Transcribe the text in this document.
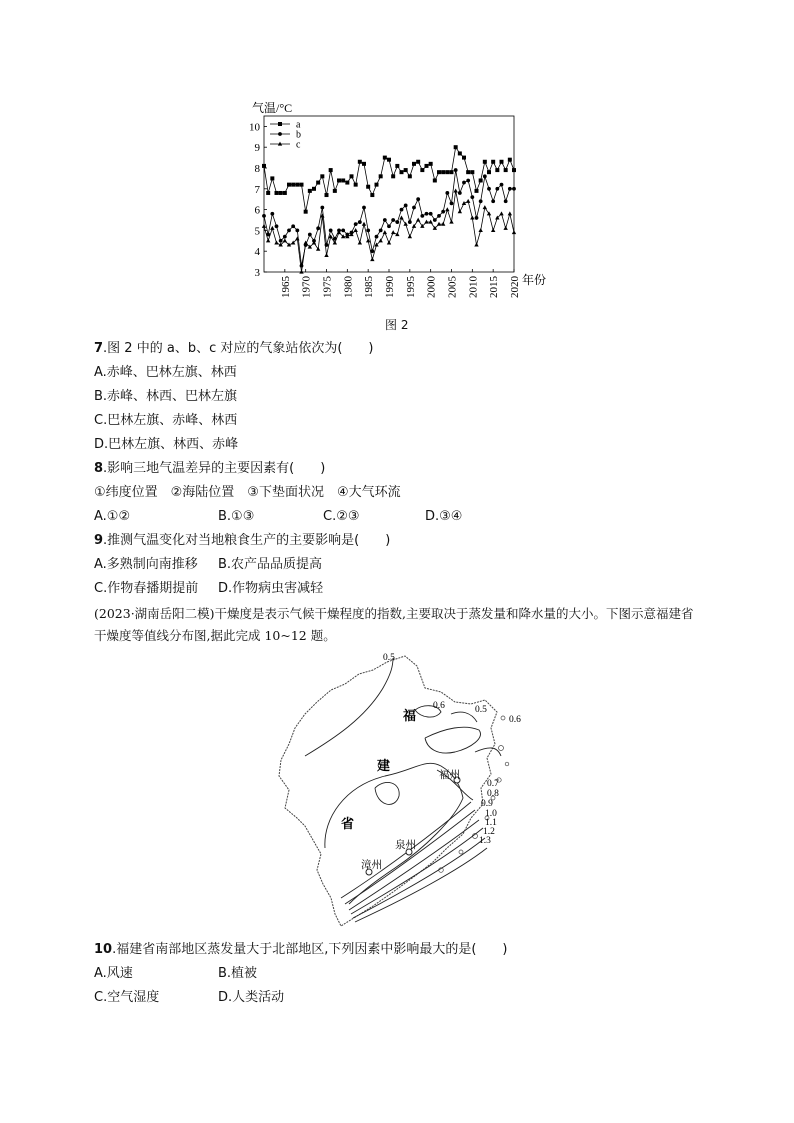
气温/°C
3
4
5
6
7
8
9
10
1965 1970 1975 1980 1985 1990 1995 2000 2005 2010 2015 2020 年份
a
b
c
图 2
7.图 2 中的 a、b、c 对应的气象站依次为(　　)
A.赤峰、巴林左旗、林西
B.赤峰、林西、巴林左旗
C.巴林左旗、赤峰、林西
D.巴林左旗、林西、赤峰
8.影响三地气温差异的主要因素有(　　)
①纬度位置　②海陆位置　③下垫面状况　④大气环流
A.①②	B.①③	C.②③	D.③④
9.推测气温变化对当地粮食生产的主要影响是(　　)
A.多熟制向南推移 B.农产品品质提高
C.作物春播期提前 D.作物病虫害减轻
(2023·湖南岳阳二模)干燥度是表示气候干燥程度的指数,主要取决于蒸发量和降水量的大小。下图示意福建省干燥度等值线分布图,据此完成 10~12 题。
福
建
省
福州
泉州
漳州
0.5
0.6	0.5
0.6
0.7
0.8
0.9
1.0
1.1
1.2
1.3
10.福建省南部地区蒸发量大于北部地区,下列因素中影响最大的是(　　)
A.风速	B.植被
C.空气湿度	D.人类活动
